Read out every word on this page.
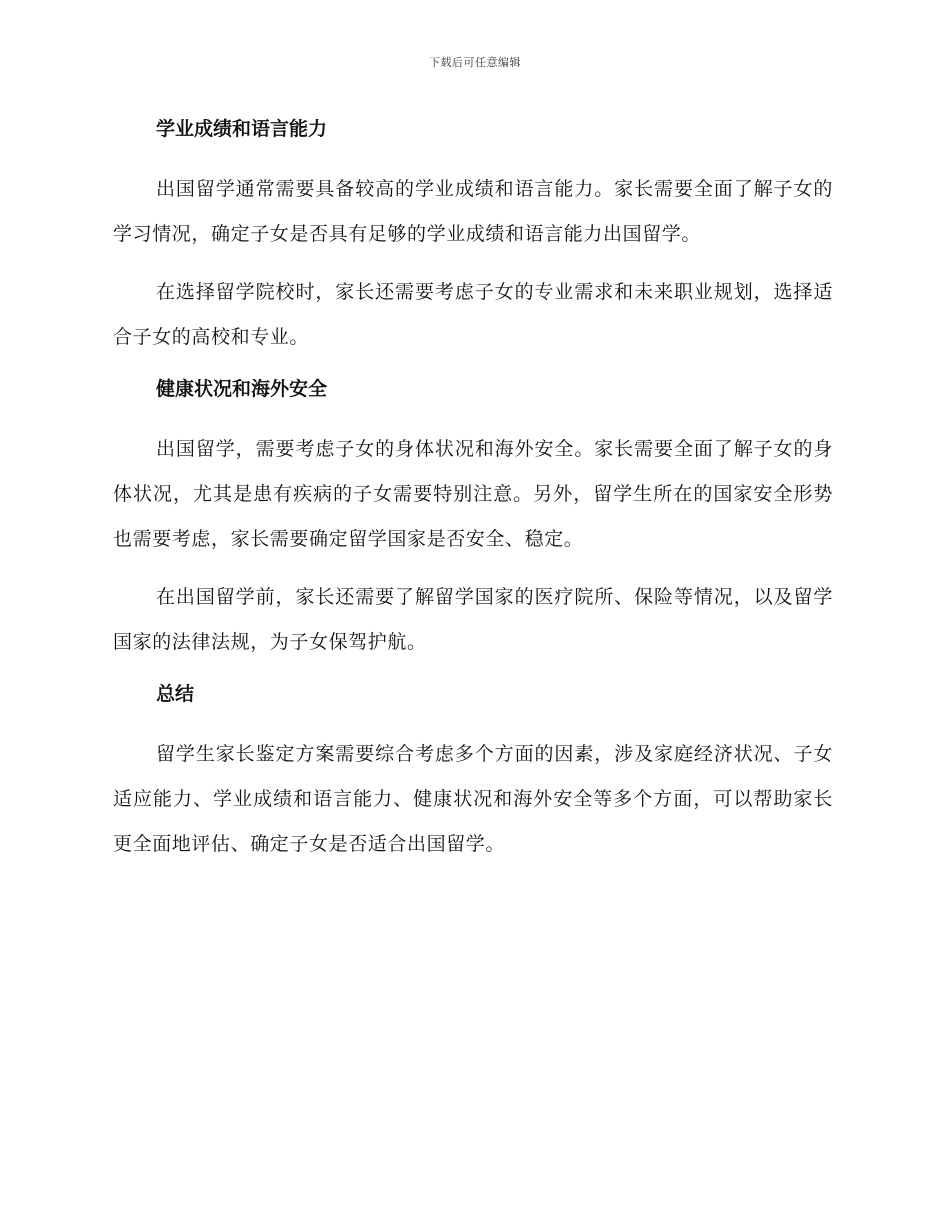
下载后可任意编辑
学业成绩和语言能力

出国留学通常需要具备较高的学业成绩和语言能力。家长需要全面了解子女的学习情况，确定子女是否具有足够的学业成绩和语言能力出国留学。

在选择留学院校时，家长还需要考虑子女的专业需求和未来职业规划，选择适合子女的高校和专业。

健康状况和海外安全

出国留学，需要考虑子女的身体状况和海外安全。家长需要全面了解子女的身体状况，尤其是患有疾病的子女需要特别注意。另外，留学生所在的国家安全形势也需要考虑，家长需要确定留学国家是否安全、稳定。

在出国留学前，家长还需要了解留学国家的医疗院所、保险等情况，以及留学国家的法律法规，为子女保驾护航。

总结

留学生家长鉴定方案需要综合考虑多个方面的因素，涉及家庭经济状况、子女适应能力、学业成绩和语言能力、健康状况和海外安全等多个方面，可以帮助家长更全面地评估、确定子女是否适合出国留学。
